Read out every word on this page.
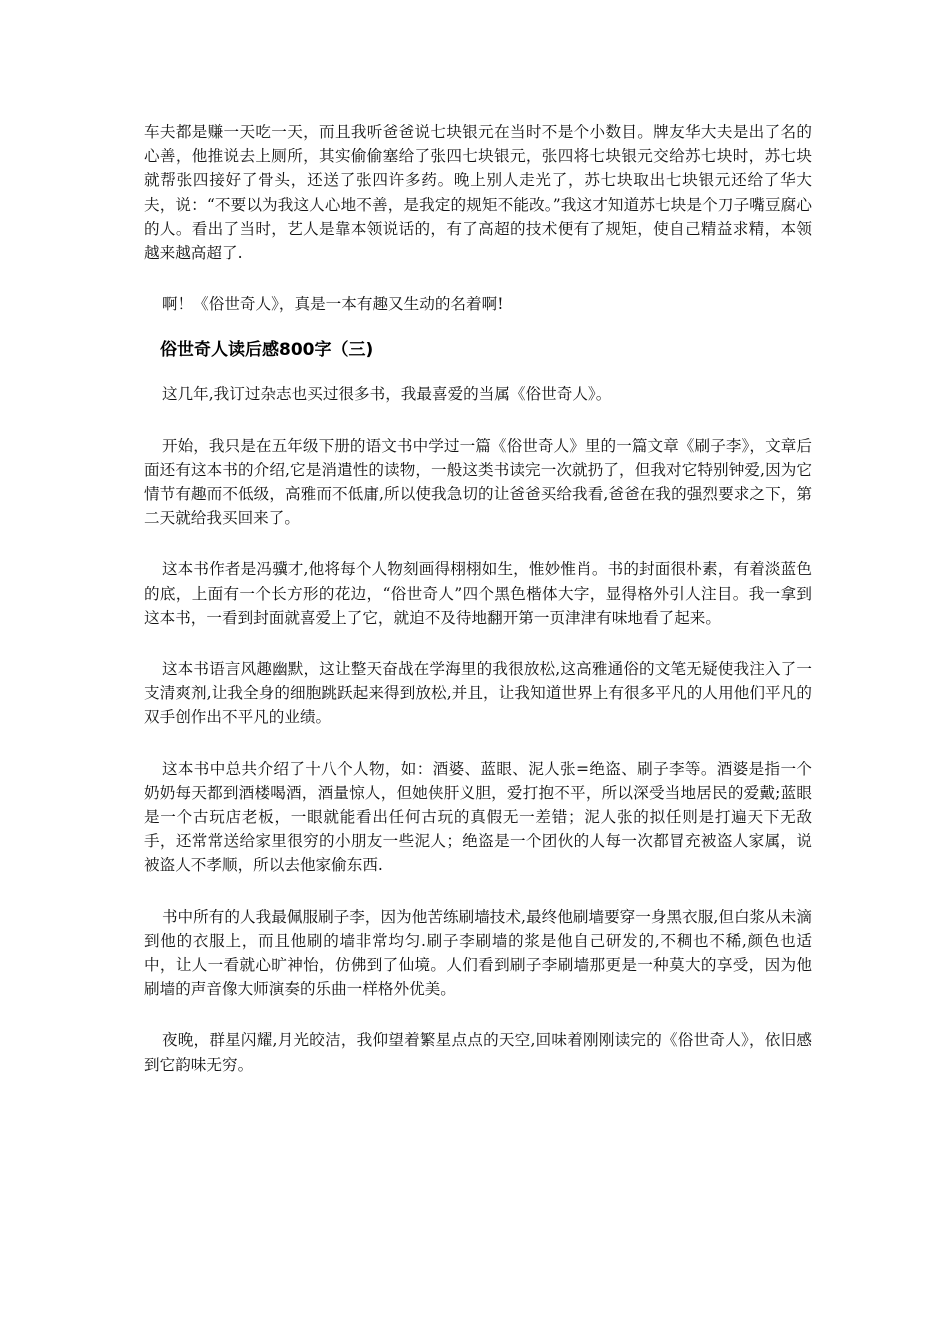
车夫都是赚一天吃一天，而且我听爸爸说七块银元在当时不是个小数目。牌友华大夫是出了名的心善，他推说去上厕所，其实偷偷塞给了张四七块银元，张四将七块银元交给苏七块时，苏七块就帮张四接好了骨头，还送了张四许多药。晚上别人走光了，苏七块取出七块银元还给了华大夫，说：“不要以为我这人心地不善，是我定的规矩不能改。”我这才知道苏七块是个刀子嘴豆腐心的人。看出了当时，艺人是靠本领说话的，有了高超的技术便有了规矩，使自己精益求精，本领越来越高超了.

啊！《俗世奇人》，真是一本有趣又生动的名着啊!

俗世奇人读后感800字（三)

这几年,我订过杂志也买过很多书，我最喜爱的当属《俗世奇人》。

开始，我只是在五年级下册的语文书中学过一篇《俗世奇人》里的一篇文章《刷子李》，文章后面还有这本书的介绍,它是消遣性的读物，一般这类书读完一次就扔了，但我对它特别钟爱,因为它情节有趣而不低级，高雅而不低庸,所以使我急切的让爸爸买给我看,爸爸在我的强烈要求之下，第二天就给我买回来了。

这本书作者是冯骥才,他将每个人物刻画得栩栩如生，惟妙惟肖。书的封面很朴素，有着淡蓝色的底，上面有一个长方形的花边，“俗世奇人”四个黑色楷体大字，显得格外引人注目。我一拿到这本书，一看到封面就喜爱上了它，就迫不及待地翻开第一页津津有味地看了起来。

这本书语言风趣幽默，这让整天奋战在学海里的我很放松,这高雅通俗的文笔无疑使我注入了一支清爽剂,让我全身的细胞跳跃起来得到放松,并且，让我知道世界上有很多平凡的人用他们平凡的双手创作出不平凡的业绩。

这本书中总共介绍了十八个人物，如：酒婆、蓝眼、泥人张=绝盗、刷子李等。酒婆是指一个奶奶每天都到酒楼喝酒，酒量惊人，但她侠肝义胆，爱打抱不平，所以深受当地居民的爱戴;蓝眼是一个古玩店老板，一眼就能看出任何古玩的真假无一差错；泥人张的拟任则是打遍天下无敌手，还常常送给家里很穷的小朋友一些泥人；绝盗是一个团伙的人每一次都冒充被盗人家属，说被盗人不孝顺，所以去他家偷东西.

书中所有的人我最佩服刷子李，因为他苦练刷墙技术,最终他刷墙要穿一身黑衣服,但白浆从未滴到他的衣服上，而且他刷的墙非常均匀.刷子李刷墙的浆是他自己研发的,不稠也不稀,颜色也适中，让人一看就心旷神怡，仿佛到了仙境。人们看到刷子李刷墙那更是一种莫大的享受，因为他刷墙的声音像大师演奏的乐曲一样格外优美。

夜晚，群星闪耀,月光皎洁，我仰望着繁星点点的天空,回味着刚刚读完的《俗世奇人》，依旧感到它韵味无穷。
